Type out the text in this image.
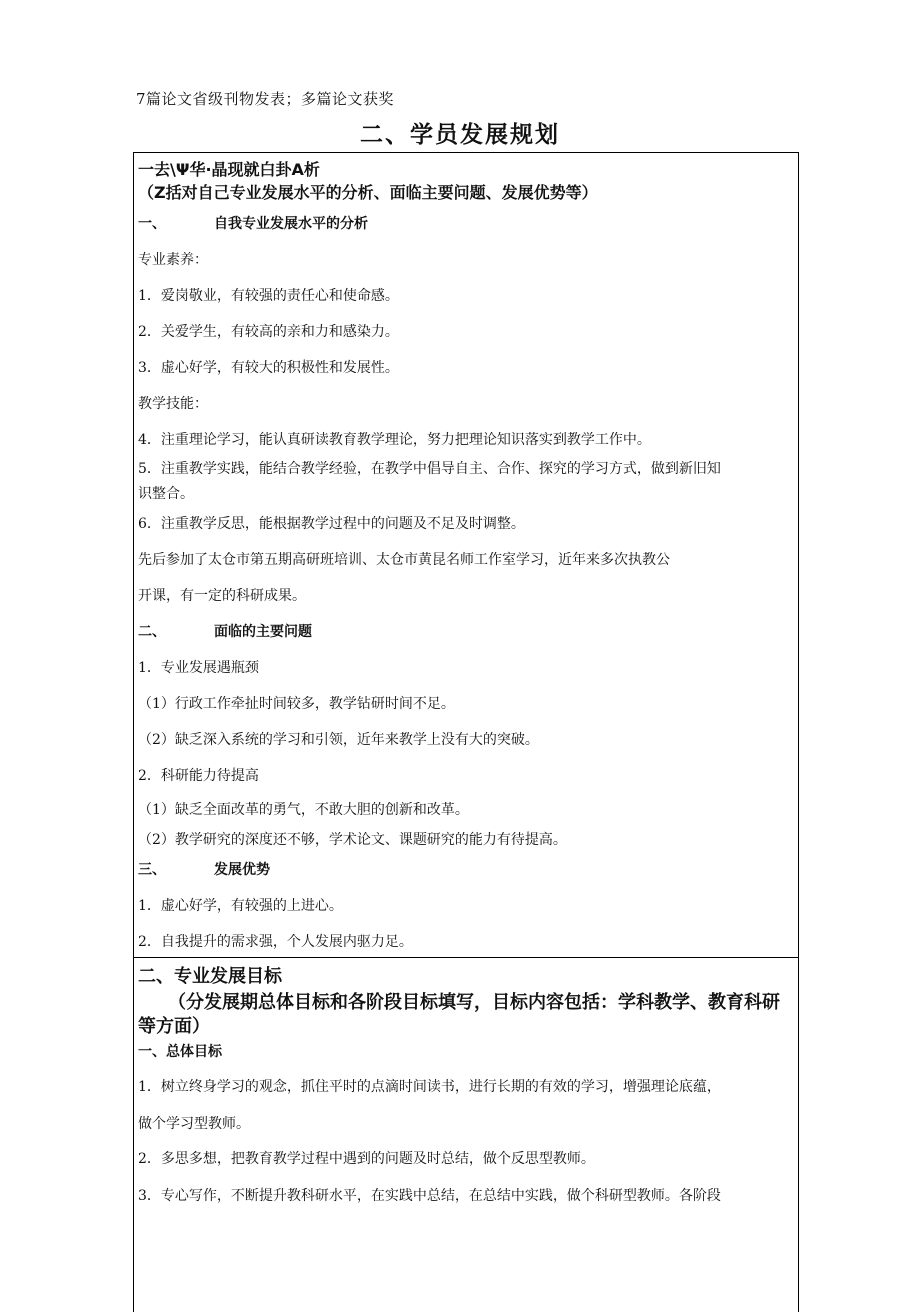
7篇论文省级刊物发表；多篇论文获奖
二、学员发展规划
一去\Ψ华·晶现就白卦Α析
（Z括对自己专业发展水平的分析、面临主要问题、发展优势等）
一、	自我专业发展水平的分析
专业素养：
1．爱岗敬业，有较强的责任心和使命感。
2．关爱学生，有较高的亲和力和感染力。
3．虚心好学，有较大的积极性和发展性。
教学技能：
4．注重理论学习，能认真研读教育教学理论，努力把理论知识落实到教学工作中。
5．注重教学实践，能结合教学经验，在教学中倡导自主、合作、探究的学习方式，做到新旧知
识整合。
6．注重教学反思，能根据教学过程中的问题及不足及时调整。
先后参加了太仓市第五期高研班培训、太仓市黄昆名师工作室学习，近年来多次执教公
开课，有一定的科研成果。
二、	面临的主要问题
1．专业发展遇瓶颈
（1）行政工作牵扯时间较多，教学钻研时间不足。
（2）缺乏深入系统的学习和引领，近年来教学上没有大的突破。
2．科研能力待提高
（1）缺乏全面改革的勇气，不敢大胆的创新和改革。
（2）教学研究的深度还不够，学术论文、课题研究的能力有待提高。
三、	发展优势
1．虚心好学，有较强的上进心。
2．自我提升的需求强，个人发展内驱力足。
二、专业发展目标
（分发展期总体目标和各阶段目标填写，目标内容包括：学科教学、教育科研
等方面）
一、总体目标
1．树立终身学习的观念，抓住平时的点滴时间读书，进行长期的有效的学习，增强理论底蕴，
做个学习型教师。
2．多思多想，把教育教学过程中遇到的问题及时总结，做个反思型教师。
3．专心写作，不断提升教科研水平，在实践中总结，在总结中实践，做个科研型教师。各阶段
